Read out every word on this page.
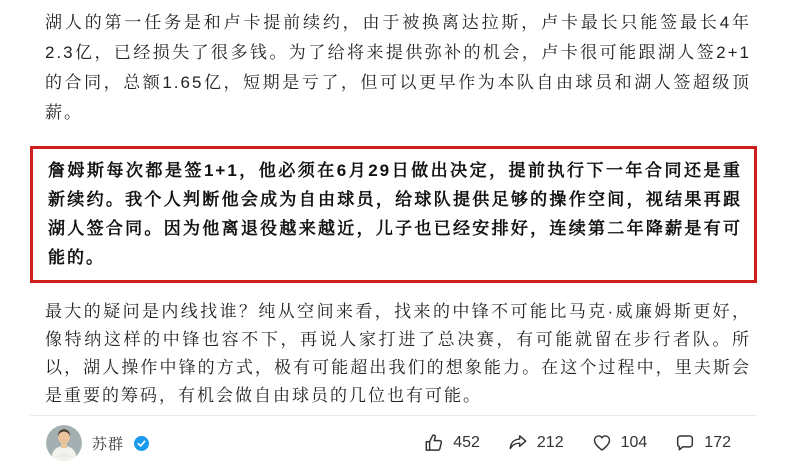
湖人的第一任务是和卢卡提前续约，由于被换离达拉斯，卢卡最长只能签最长4年2.3亿，已经损失了很多钱。为了给将来提供弥补的机会，卢卡很可能跟湖人签2+1的合同，总额1.65亿，短期是亏了，但可以更早作为本队自由球员和湖人签超级顶薪。

詹姆斯每次都是签1+1，他必须在6月29日做出决定，提前执行下一年合同还是重新续约。我个人判断他会成为自由球员，给球队提供足够的操作空间，视结果再跟湖人签合同。因为他离退役越来越近，儿子也已经安排好，连续第二年降薪是有可能的。

最大的疑问是内线找谁？纯从空间来看，找来的中锋不可能比马克·威廉姆斯更好，像特纳这样的中锋也容不下，再说人家打进了总决赛，有可能就留在步行者队。所以，湖人操作中锋的方式，极有可能超出我们的想象能力。在这个过程中，里夫斯会是重要的筹码，有机会做自由球员的几位也有可能。

苏群	452	212	104	172
